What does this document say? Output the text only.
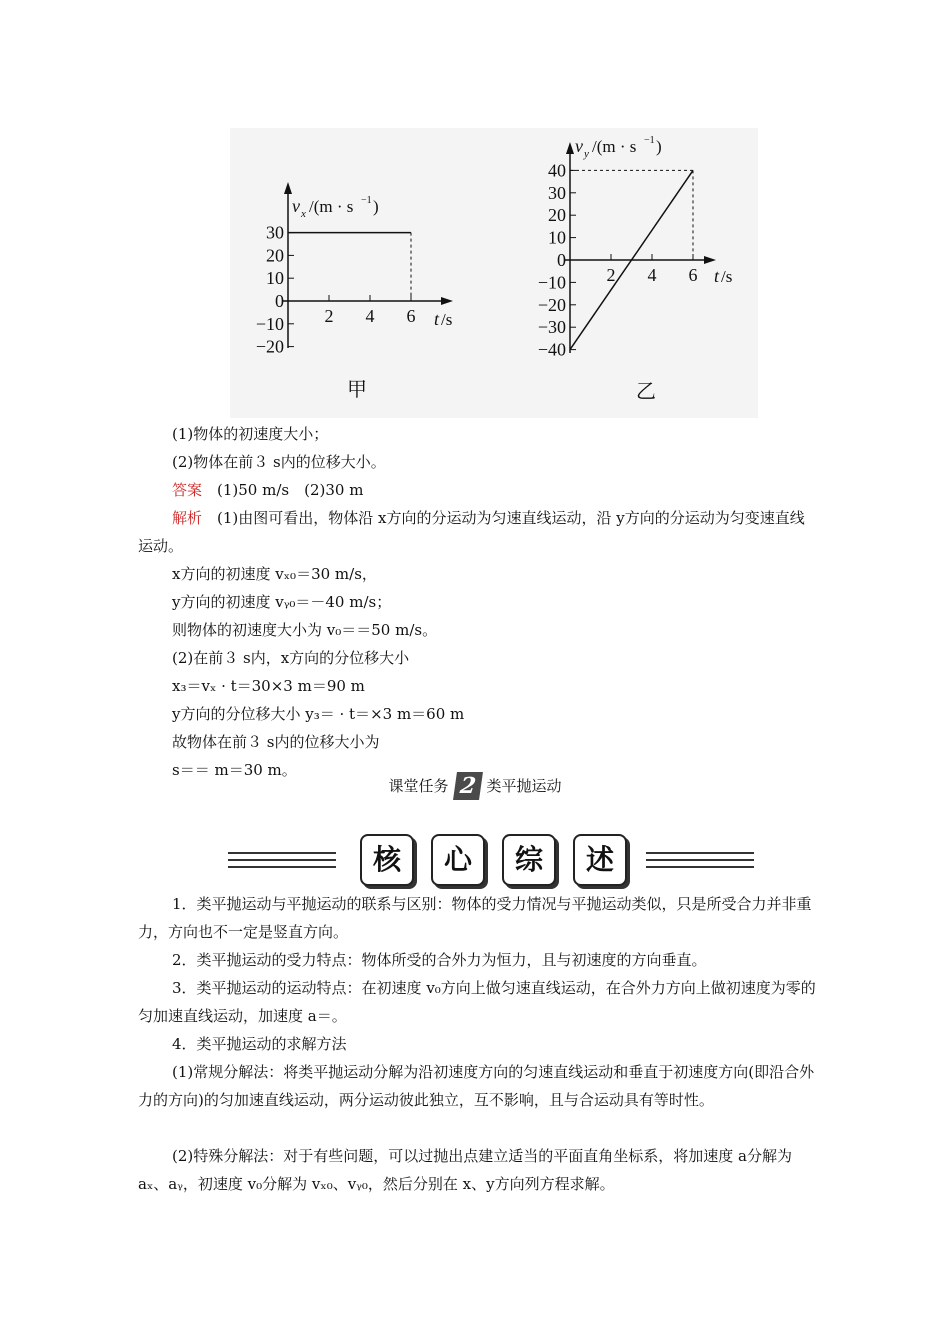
30
20
10
0
−10
−20
2 4 6
v x /(m · s −1 )
t /s
甲
40
30
20
10
0
−10
−20
−30
−40
2 4 6
v y /(m · s −1 )
t /s
乙
(1)物体的初速度大小；
(2)物体在前３ s内的位移大小。
答案　(1)50 m/s　(2)30 m
解析　(1)由图可看出，物体沿 x方向的分运动为匀速直线运动，沿 y方向的分运动为匀变速直线运动。
x方向的初速度 vₓ₀＝30 m/s，
y方向的初速度 vᵧ₀＝－40 m/s；
则物体的初速度大小为 v₀＝＝50 m/s。
(2)在前３ s内，x方向的分位移大小
x₃＝vₓ · t＝30×3 m＝90 m
y方向的分位移大小 y₃＝ · t＝×3 m＝60 m
故物体在前３ s内的位移大小为
s＝＝ m＝30 m。
课堂任务 2 类平抛运动
核	心	综	述
1．类平抛运动与平抛运动的联系与区别：物体的受力情况与平抛运动类似，只是所受合力并非重力，方向也不一定是竖直方向。
2．类平抛运动的受力特点：物体所受的合外力为恒力，且与初速度的方向垂直。
3．类平抛运动的运动特点：在初速度 v₀方向上做匀速直线运动，在合外力方向上做初速度为零的匀加速直线运动，加速度 a＝。
4．类平抛运动的求解方法
(1)常规分解法：将类平抛运动分解为沿初速度方向的匀速直线运动和垂直于初速度方向(即沿合外力的方向)的匀加速直线运动，两分运动彼此独立，互不影响，且与合运动具有等时性。
(2)特殊分解法：对于有些问题，可以过抛出点建立适当的平面直角坐标系，将加速度 a分解为 aₓ、aᵧ，初速度 v₀分解为 vₓ₀、vᵧ₀，然后分别在 x、y方向列方程求解。
